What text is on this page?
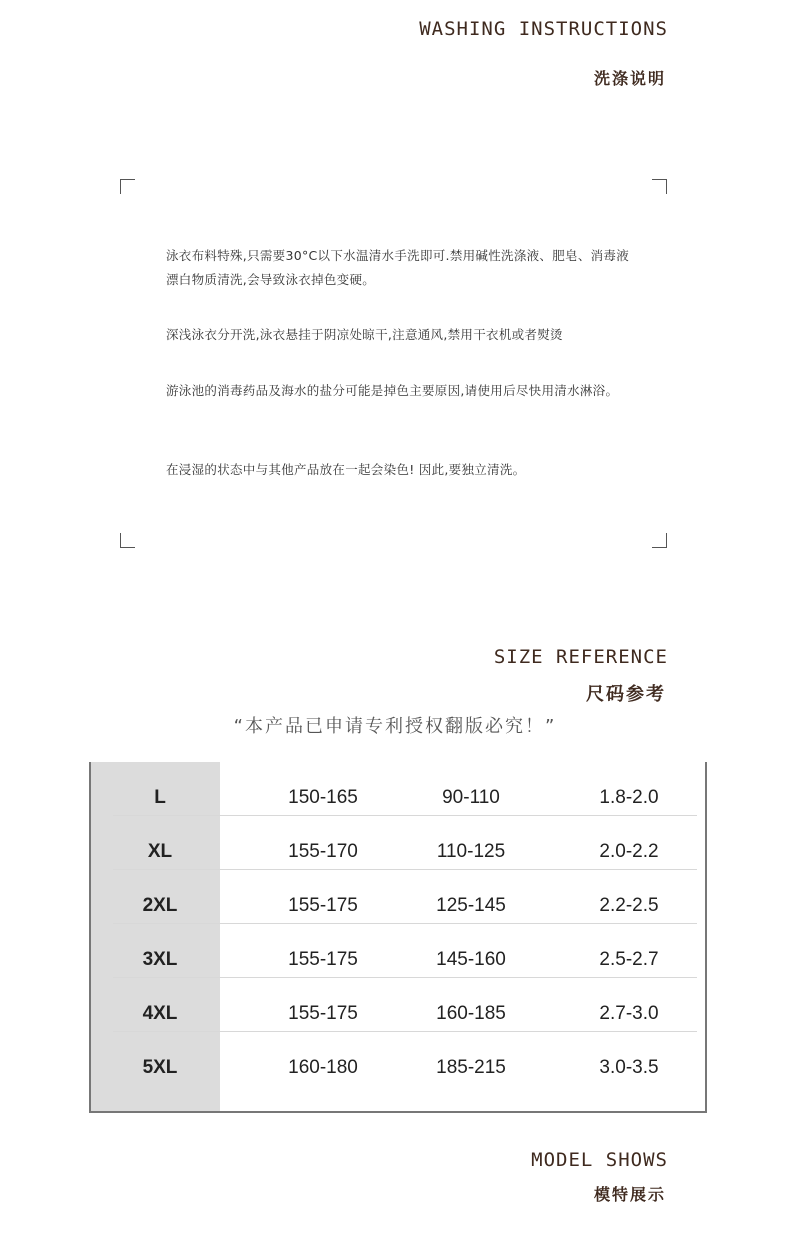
WASHING INSTRUCTIONS
洗涤说明
泳衣布料特殊,只需要30°C以下水温清水手洗即可.禁用碱性洗涤液、肥皂、消毒液漂白物质清洗,会导致泳衣掉色变硬。
深浅泳衣分开洗,泳衣悬挂于阴凉处晾干,注意通风,禁用干衣机或者熨烫
游泳池的消毒药品及海水的盐分可能是掉色主要原因,请使用后尽快用清水淋浴。
在浸湿的状态中与其他产品放在一起会染色! 因此,要独立清洗。
SIZE REFERENCE
尺码参考
“本产品已申请专利授权翻版必究！”
L	150-165	90-110	1.8-2.0
XL	155-170	110-125	2.0-2.2
2XL	155-175	125-145	2.2-2.5
3XL	155-175	145-160	2.5-2.7
4XL	155-175	160-185	2.7-3.0
5XL	160-180	185-215	3.0-3.5
MODEL SHOWS
模特展示
